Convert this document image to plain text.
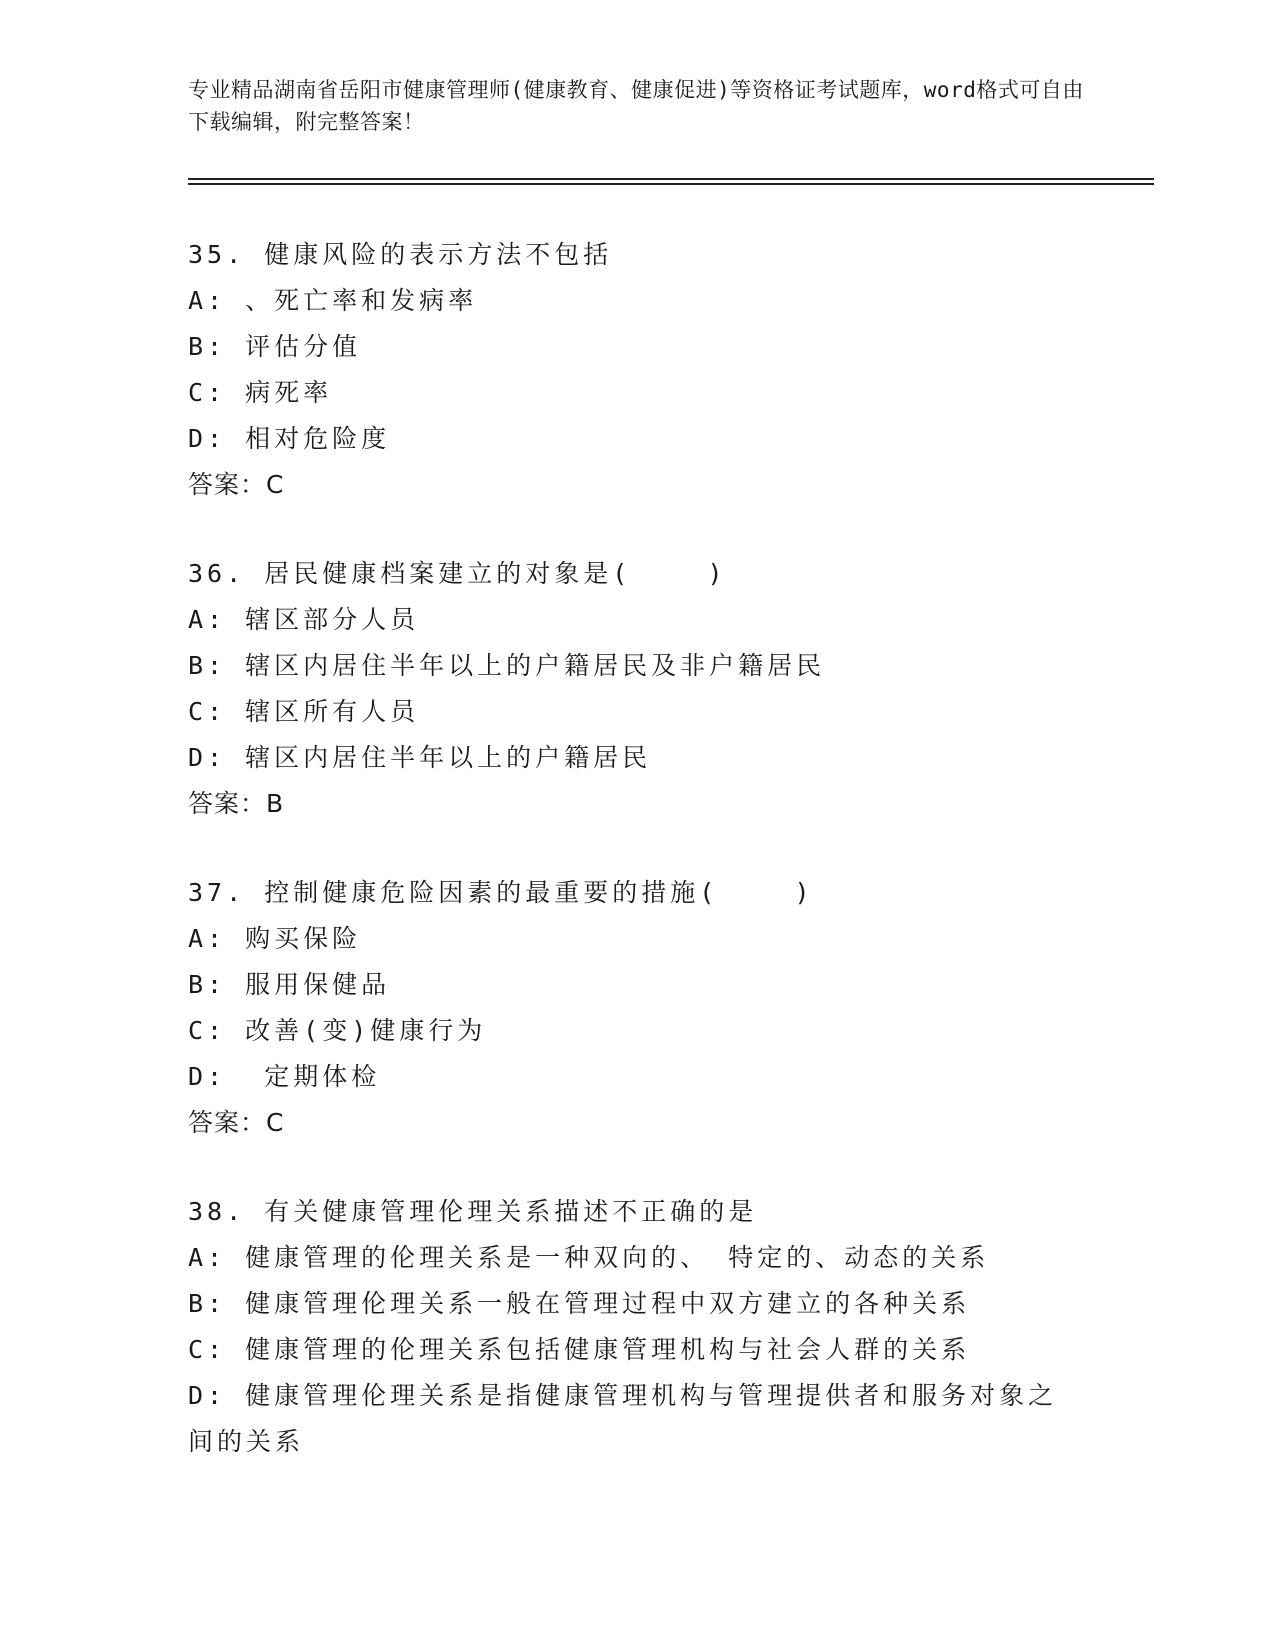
专业精品湖南省岳阳市健康管理师(健康教育、健康促进)等资格证考试题库，word格式可自由下载编辑，附完整答案！
35. 健康风险的表示方法不包括
A: 、死亡率和发病率
B: 评估分值
C: 病死率
D: 相对危险度
答案：C
36. 居民健康档案建立的对象是(    )
A: 辖区部分人员
B: 辖区内居住半年以上的户籍居民及非户籍居民
C: 辖区所有人员
D: 辖区内居住半年以上的户籍居民
答案：B
37. 控制健康危险因素的最重要的措施(    )
A: 购买保险
B: 服用保健品
C: 改善(变)健康行为
D:  定期体检
答案：C
38. 有关健康管理伦理关系描述不正确的是
A: 健康管理的伦理关系是一种双向的、 特定的、动态的关系
B: 健康管理伦理关系一般在管理过程中双方建立的各种关系
C: 健康管理的伦理关系包括健康管理机构与社会人群的关系
D: 健康管理伦理关系是指健康管理机构与管理提供者和服务对象之间的关系
